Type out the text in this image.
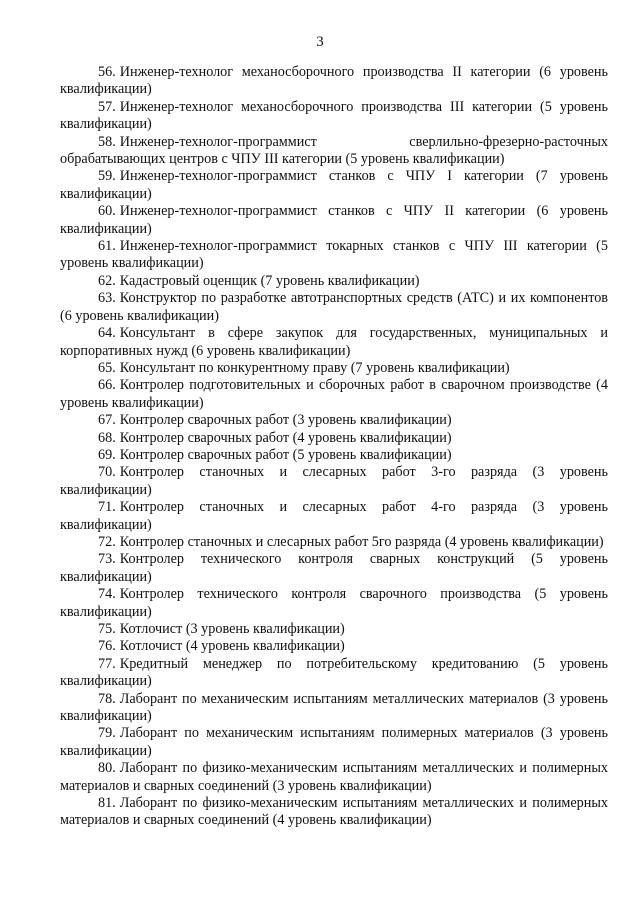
3

56. Инженер-технолог механосборочного производства II категории (6 уровень квалификации)

57. Инженер-технолог механосборочного производства III категории (5 уровень квалификации)

58. Инженер-технолог-программист сверлильно-фрезерно-расточных обрабатывающих центров с ЧПУ III категории (5 уровень квалификации)

59. Инженер-технолог-программист станков с ЧПУ I категории (7 уровень квалификации)

60. Инженер-технолог-программист станков с ЧПУ II категории (6 уровень квалификации)

61. Инженер-технолог-программист токарных станков с ЧПУ III категории (5 уровень квалификации)

62. Кадастровый оценщик (7 уровень квалификации)

63. Конструктор по разработке автотранспортных средств (АТС) и их компонентов (6 уровень квалификации)

64. Консультант в сфере закупок для государственных, муниципальных и корпоративных нужд (6 уровень квалификации)

65. Консультант по конкурентному праву (7 уровень квалификации)

66. Контролер подготовительных и сборочных работ в сварочном производстве (4 уровень квалификации)

67. Контролер сварочных работ (3 уровень квалификации)

68. Контролер сварочных работ (4 уровень квалификации)

69. Контролер сварочных работ (5 уровень квалификации)

70. Контролер станочных и слесарных работ 3-го разряда (3 уровень квалификации)

71. Контролер станочных и слесарных работ 4-го разряда (3 уровень квалификации)

72. Контролер станочных и слесарных работ 5го разряда (4 уровень квалификации)

73. Контролер технического контроля сварных конструкций (5 уровень квалификации)

74. Контролер технического контроля сварочного производства (5 уровень квалификации)

75. Котлочист (3 уровень квалификации)

76. Котлочист (4 уровень квалификации)

77. Кредитный менеджер по потребительскому кредитованию (5 уровень квалификации)

78. Лаборант по механическим испытаниям металлических материалов (3 уровень квалификации)

79. Лаборант по механическим испытаниям полимерных материалов (3 уровень квалификации)

80. Лаборант по физико-механическим испытаниям металлических и полимерных материалов и сварных соединений (3 уровень квалификации)

81. Лаборант по физико-механическим испытаниям металлических и полимерных материалов и сварных соединений (4 уровень квалификации)
